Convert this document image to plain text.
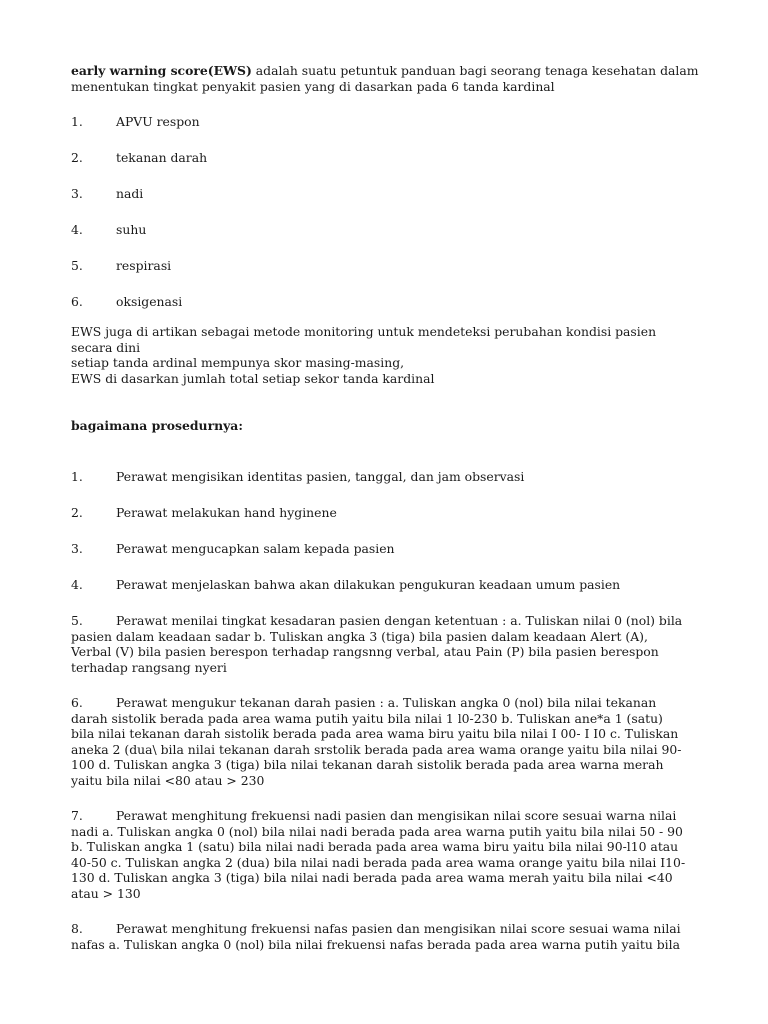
early warning score(EWS) adalah suatu petuntuk panduan bagi seorang tenaga kesehatan dalam menentukan tingkat penyakit pasien yang di dasarkan pada 6 tanda kardinal

1.	APVU respon
2.	tekanan darah
3.	nadi
4.	suhu
5.	respirasi
6.	oksigenasi
EWS juga di artikan sebagai metode monitoring untuk mendeteksi perubahan kondisi pasien
secara dini
setiap tanda ardinal mempunya skor masing-masing,
EWS di dasarkan jumlah total setiap sekor tanda kardinal
bagaimana prosedurnya:
1.	Perawat mengisikan identitas pasien, tanggal, dan jam observasi
2.	Perawat melakukan hand hyginene
3.	Perawat mengucapkan salam kepada pasien
4.	Perawat menjelaskan bahwa akan dilakukan pengukuran keadaan umum pasien
5.	Perawat menilai tingkat kesadaran pasien dengan ketentuan : a. Tuliskan nilai 0 (nol) bila
pasien dalam keadaan sadar b. Tuliskan angka 3 (tiga) bila pasien dalam keadaan Alert (A),
Verbal (V) bila pasien berespon terhadap rangsnng verbal, atau Pain (P) bila pasien berespon
terhadap rangsang nyeri
6.	Perawat mengukur tekanan darah pasien : a. Tuliskan angka 0 (nol) bila nilai tekanan
darah sistolik berada pada area wama putih yaitu bila nilai 1 l0-230 b. Tuliskan ane*a 1 (satu)
bila nilai tekanan darah sistolik berada pada area wama biru yaitu bila nilai I 00- I I0 c. Tuliskan
aneka 2 (dua\ bila nilai tekanan darah srstolik berada pada area wama orange yaitu bila nilai 90-
100 d. Tuliskan angka 3 (tiga) bila nilai tekanan darah sistolik berada pada area warna merah
yaitu bila nilai <80 atau > 230
7.	Perawat menghitung frekuensi nadi pasien dan mengisikan nilai score sesuai warna nilai
nadi a. Tuliskan angka 0 (nol) bila nilai nadi berada pada area warna putih yaitu bila nilai 50 - 90
b. Tuliskan angka 1 (satu) bila nilai nadi berada pada area wama biru yaitu bila nilai 90-l10 atau
40-50 c. Tuliskan angka 2 (dua) bila nilai nadi berada pada area wama orange yaitu bila nilai I10-
130 d. Tuliskan angka 3 (tiga) bila nilai nadi berada pada area wama merah yaitu bila nilai <40
atau > 130
8.	Perawat menghitung frekuensi nafas pasien dan mengisikan nilai score sesuai wama nilai
nafas a. Tuliskan angka 0 (nol) bila nilai frekuensi nafas berada pada area warna putih yaitu bila
